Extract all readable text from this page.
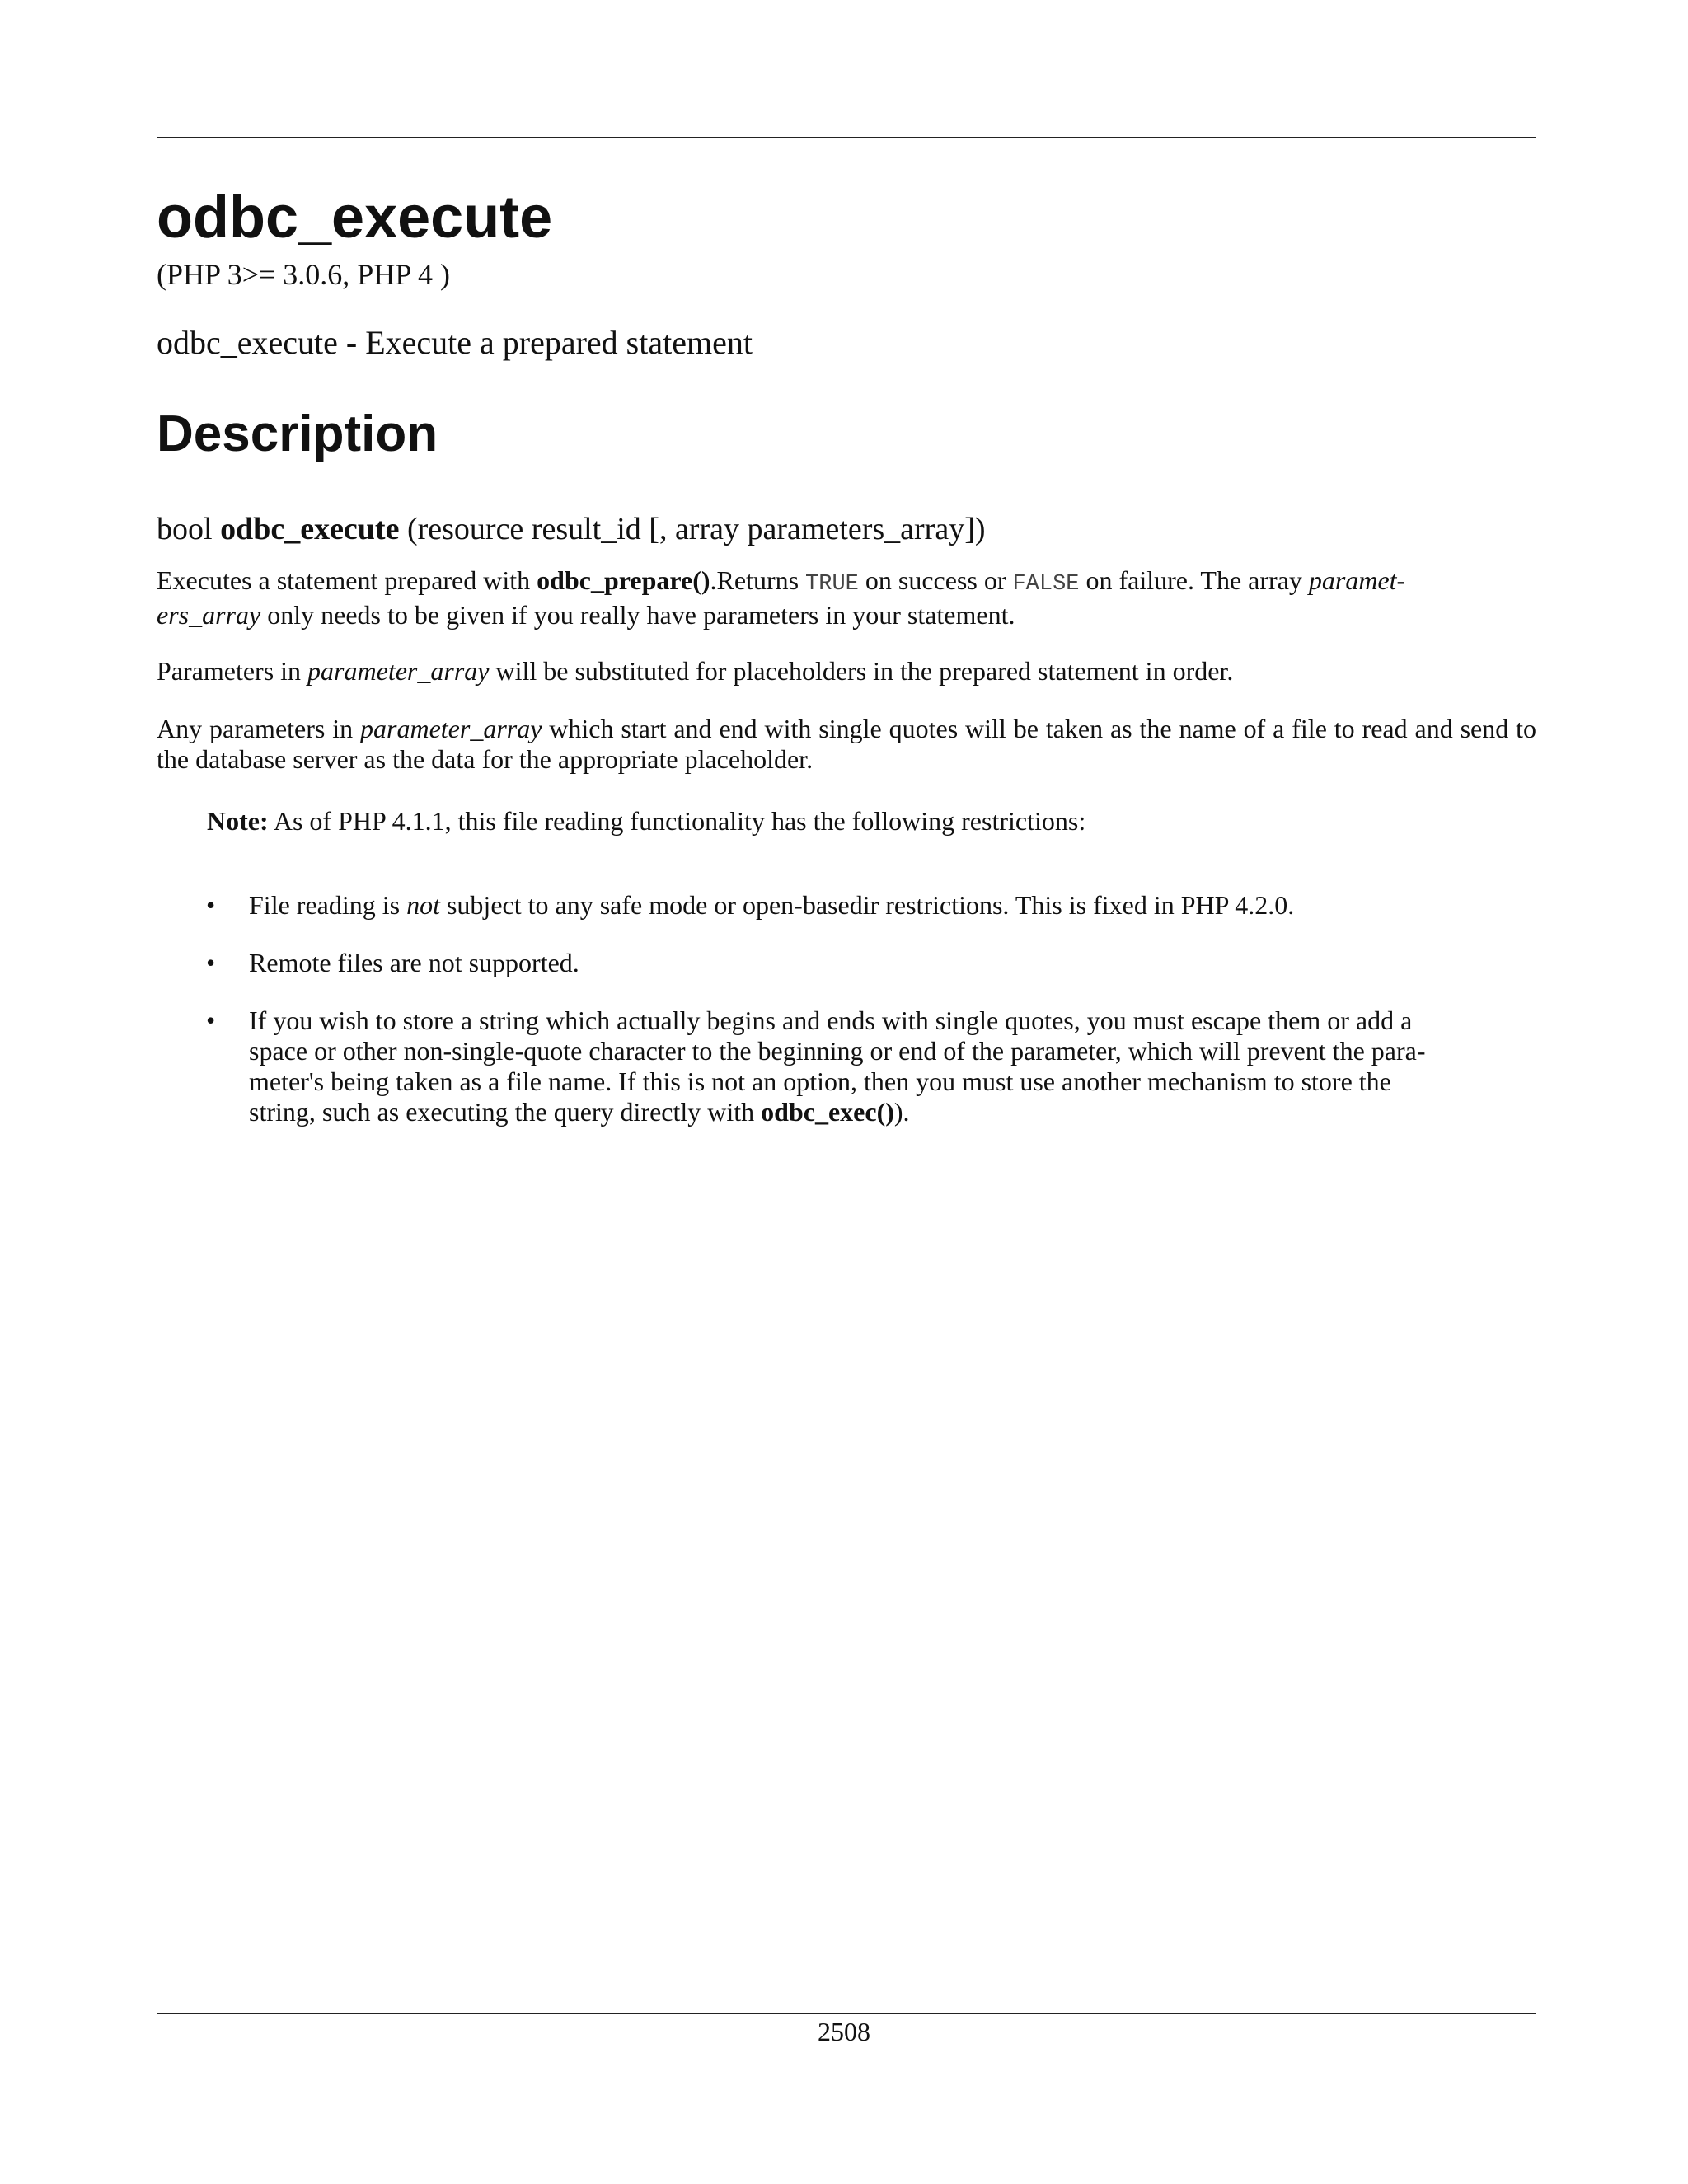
odbc_execute
(PHP 3>= 3.0.6, PHP 4 )
odbc_execute - Execute a prepared statement
Description
bool odbc_execute (resource result_id [, array parameters_array])
Executes a statement prepared with odbc_prepare().Returns TRUE on success or FALSE on failure. The array paramet-
ers_array only needs to be given if you really have parameters in your statement.
Parameters in parameter_array will be substituted for placeholders in the prepared statement in order.
Any parameters in parameter_array which start and end with single quotes will be taken as the name of a file to read and send to the database server as the data for the appropriate placeholder.
Note: As of PHP 4.1.1, this file reading functionality has the following restrictions:
• File reading is not subject to any safe mode or open-basedir restrictions. This is fixed in PHP 4.2.0.
• Remote files are not supported.
• If you wish to store a string which actually begins and ends with single quotes, you must escape them or add a
space or other non-single-quote character to the beginning or end of the parameter, which will prevent the para-
meter's being taken as a file name. If this is not an option, then you must use another mechanism to store the
string, such as executing the query directly with odbc_exec()).
2508
